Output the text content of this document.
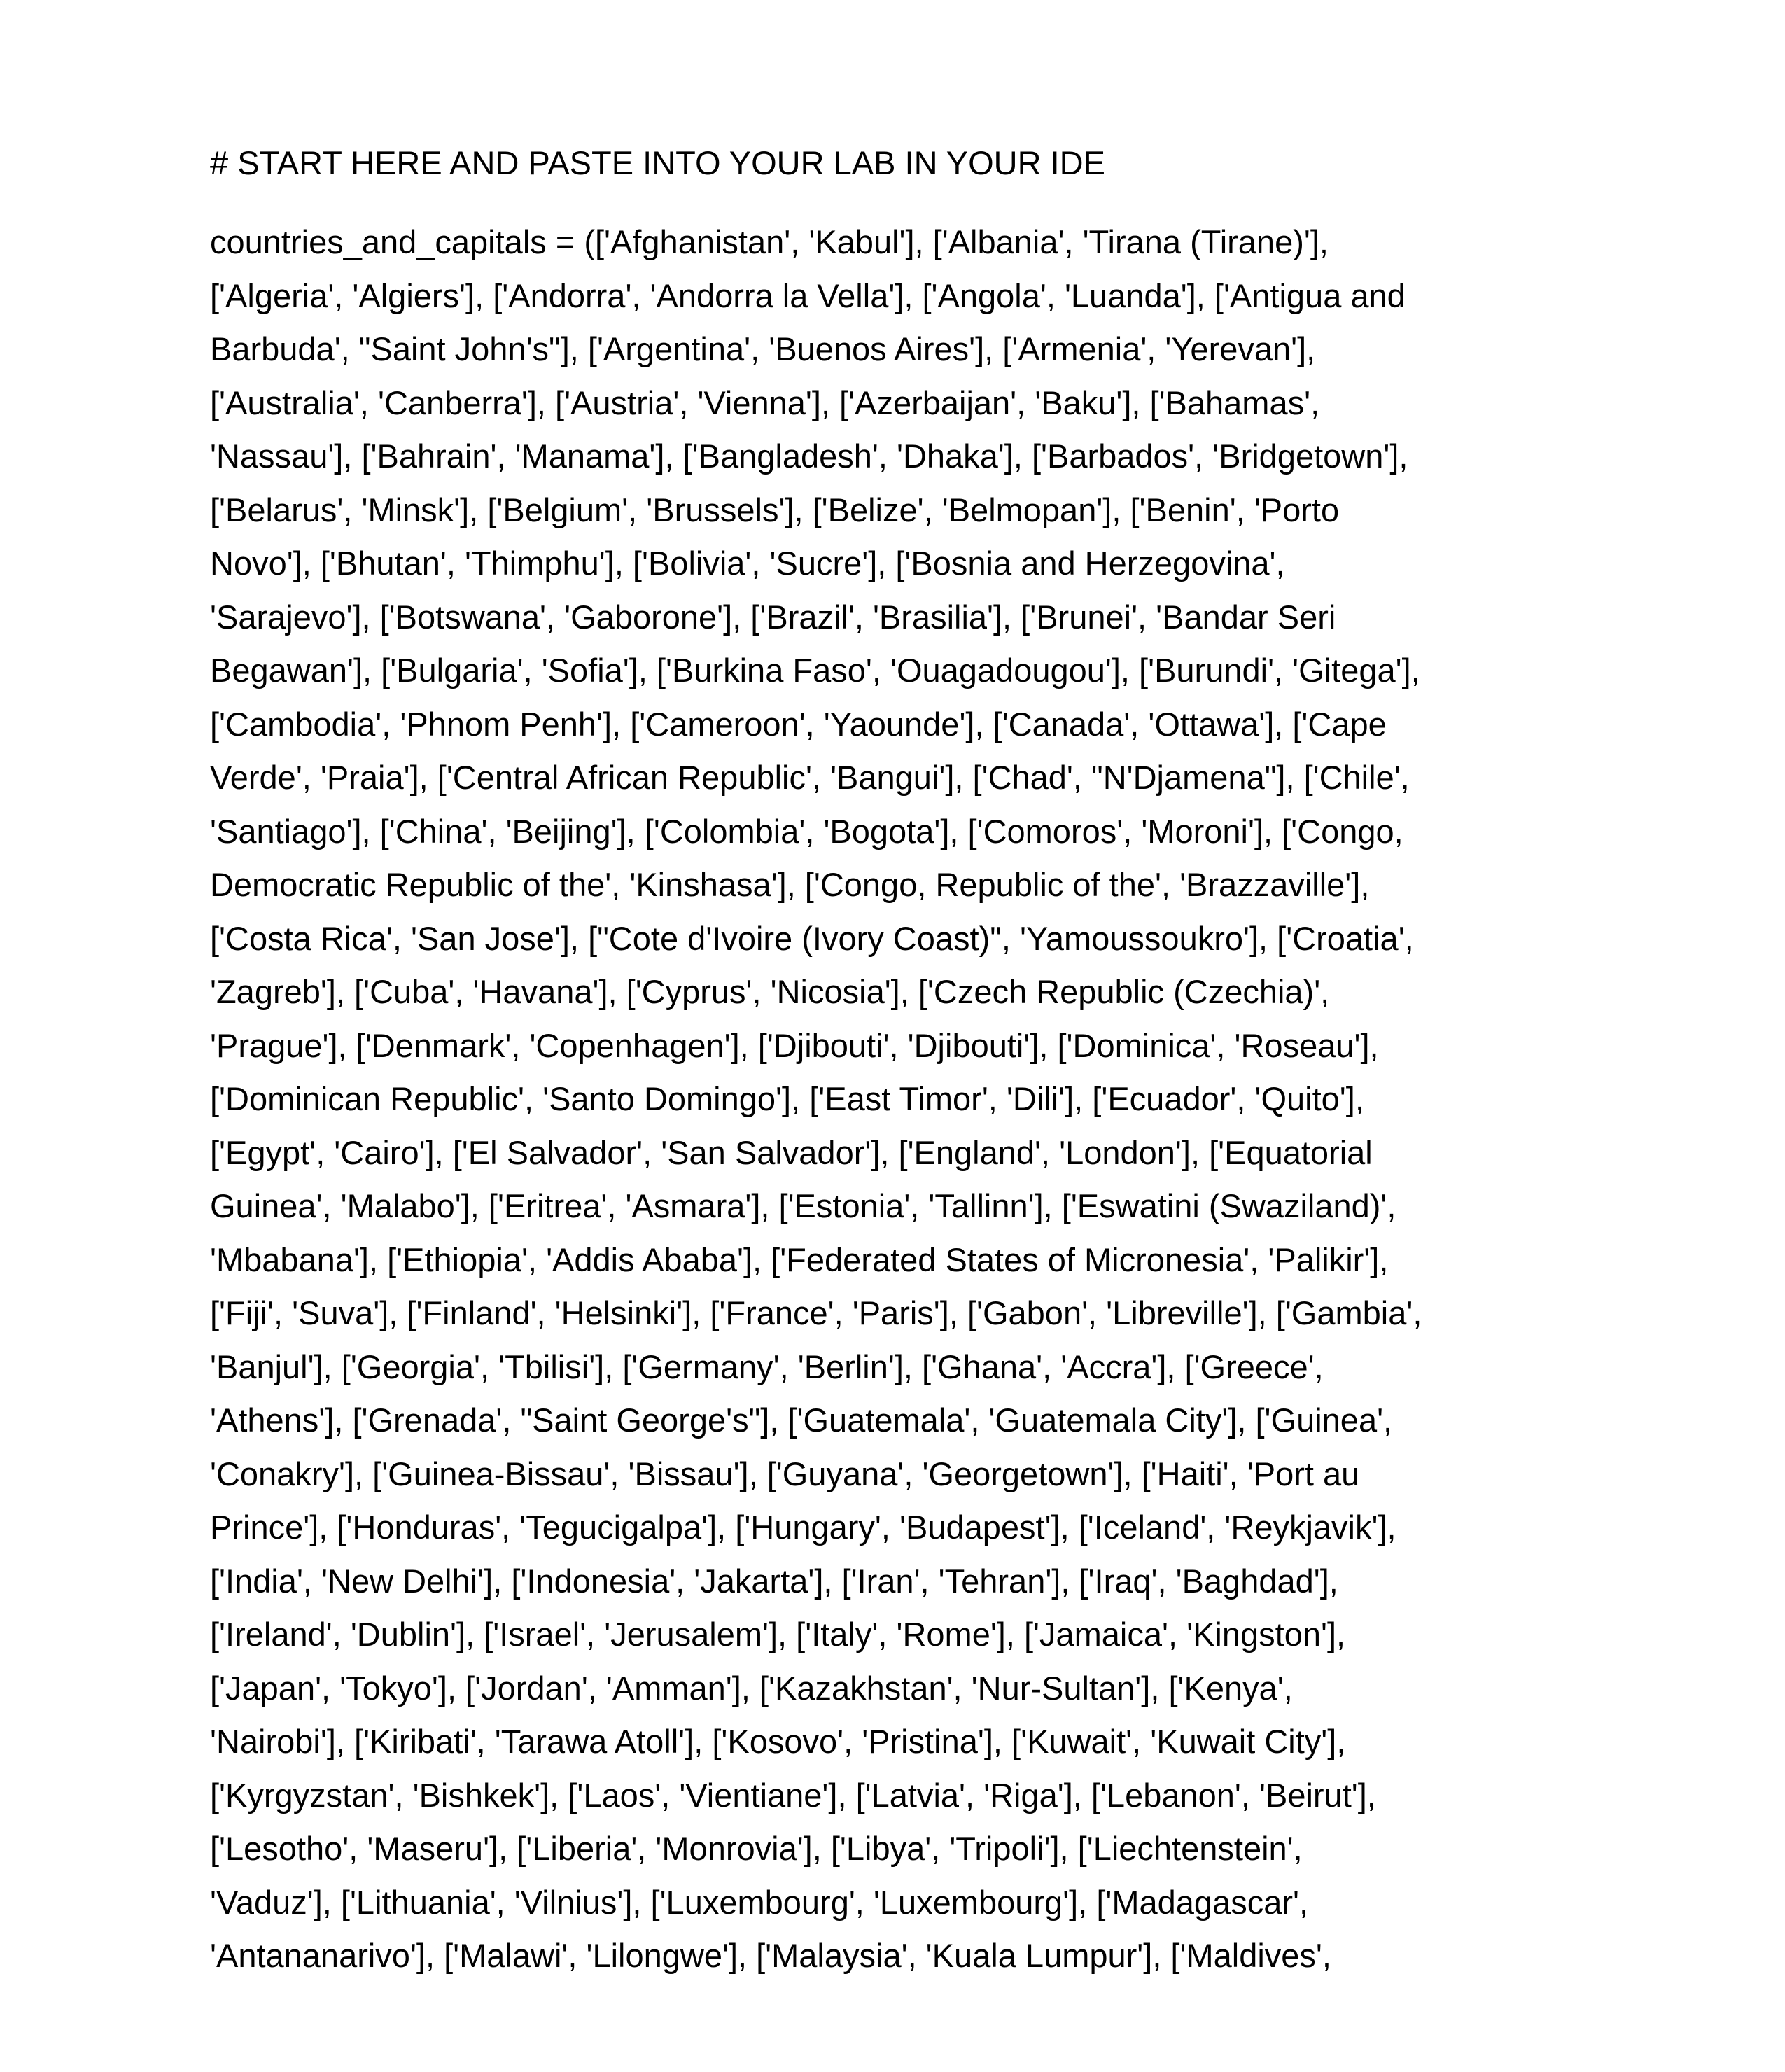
# START HERE AND PASTE INTO YOUR LAB IN YOUR IDE

countries_and_capitals = (['Afghanistan', 'Kabul'], ['Albania', 'Tirana (Tirane)'],
['Algeria', 'Algiers'], ['Andorra', 'Andorra la Vella'], ['Angola', 'Luanda'], ['Antigua and
Barbuda', "Saint John's"], ['Argentina', 'Buenos Aires'], ['Armenia', 'Yerevan'],
['Australia', 'Canberra'], ['Austria', 'Vienna'], ['Azerbaijan', 'Baku'], ['Bahamas',
'Nassau'], ['Bahrain', 'Manama'], ['Bangladesh', 'Dhaka'], ['Barbados', 'Bridgetown'],
['Belarus', 'Minsk'], ['Belgium', 'Brussels'], ['Belize', 'Belmopan'], ['Benin', 'Porto
Novo'], ['Bhutan', 'Thimphu'], ['Bolivia', 'Sucre'], ['Bosnia and Herzegovina',
'Sarajevo'], ['Botswana', 'Gaborone'], ['Brazil', 'Brasilia'], ['Brunei', 'Bandar Seri
Begawan'], ['Bulgaria', 'Sofia'], ['Burkina Faso', 'Ouagadougou'], ['Burundi', 'Gitega'],
['Cambodia', 'Phnom Penh'], ['Cameroon', 'Yaounde'], ['Canada', 'Ottawa'], ['Cape
Verde', 'Praia'], ['Central African Republic', 'Bangui'], ['Chad', "N'Djamena"], ['Chile',
'Santiago'], ['China', 'Beijing'], ['Colombia', 'Bogota'], ['Comoros', 'Moroni'], ['Congo,
Democratic Republic of the', 'Kinshasa'], ['Congo, Republic of the', 'Brazzaville'],
['Costa Rica', 'San Jose'], ["Cote d'Ivoire (Ivory Coast)", 'Yamoussoukro'], ['Croatia',
'Zagreb'], ['Cuba', 'Havana'], ['Cyprus', 'Nicosia'], ['Czech Republic (Czechia)',
'Prague'], ['Denmark', 'Copenhagen'], ['Djibouti', 'Djibouti'], ['Dominica', 'Roseau'],
['Dominican Republic', 'Santo Domingo'], ['East Timor', 'Dili'], ['Ecuador', 'Quito'],
['Egypt', 'Cairo'], ['El Salvador', 'San Salvador'], ['England', 'London'], ['Equatorial
Guinea', 'Malabo'], ['Eritrea', 'Asmara'], ['Estonia', 'Tallinn'], ['Eswatini (Swaziland)',
'Mbabana'], ['Ethiopia', 'Addis Ababa'], ['Federated States of Micronesia', 'Palikir'],
['Fiji', 'Suva'], ['Finland', 'Helsinki'], ['France', 'Paris'], ['Gabon', 'Libreville'], ['Gambia',
'Banjul'], ['Georgia', 'Tbilisi'], ['Germany', 'Berlin'], ['Ghana', 'Accra'], ['Greece',
'Athens'], ['Grenada', "Saint George's"], ['Guatemala', 'Guatemala City'], ['Guinea',
'Conakry'], ['Guinea-Bissau', 'Bissau'], ['Guyana', 'Georgetown'], ['Haiti', 'Port au
Prince'], ['Honduras', 'Tegucigalpa'], ['Hungary', 'Budapest'], ['Iceland', 'Reykjavik'],
['India', 'New Delhi'], ['Indonesia', 'Jakarta'], ['Iran', 'Tehran'], ['Iraq', 'Baghdad'],
['Ireland', 'Dublin'], ['Israel', 'Jerusalem'], ['Italy', 'Rome'], ['Jamaica', 'Kingston'],
['Japan', 'Tokyo'], ['Jordan', 'Amman'], ['Kazakhstan', 'Nur-Sultan'], ['Kenya',
'Nairobi'], ['Kiribati', 'Tarawa Atoll'], ['Kosovo', 'Pristina'], ['Kuwait', 'Kuwait City'],
['Kyrgyzstan', 'Bishkek'], ['Laos', 'Vientiane'], ['Latvia', 'Riga'], ['Lebanon', 'Beirut'],
['Lesotho', 'Maseru'], ['Liberia', 'Monrovia'], ['Libya', 'Tripoli'], ['Liechtenstein',
'Vaduz'], ['Lithuania', 'Vilnius'], ['Luxembourg', 'Luxembourg'], ['Madagascar',
'Antananarivo'], ['Malawi', 'Lilongwe'], ['Malaysia', 'Kuala Lumpur'], ['Maldives',
